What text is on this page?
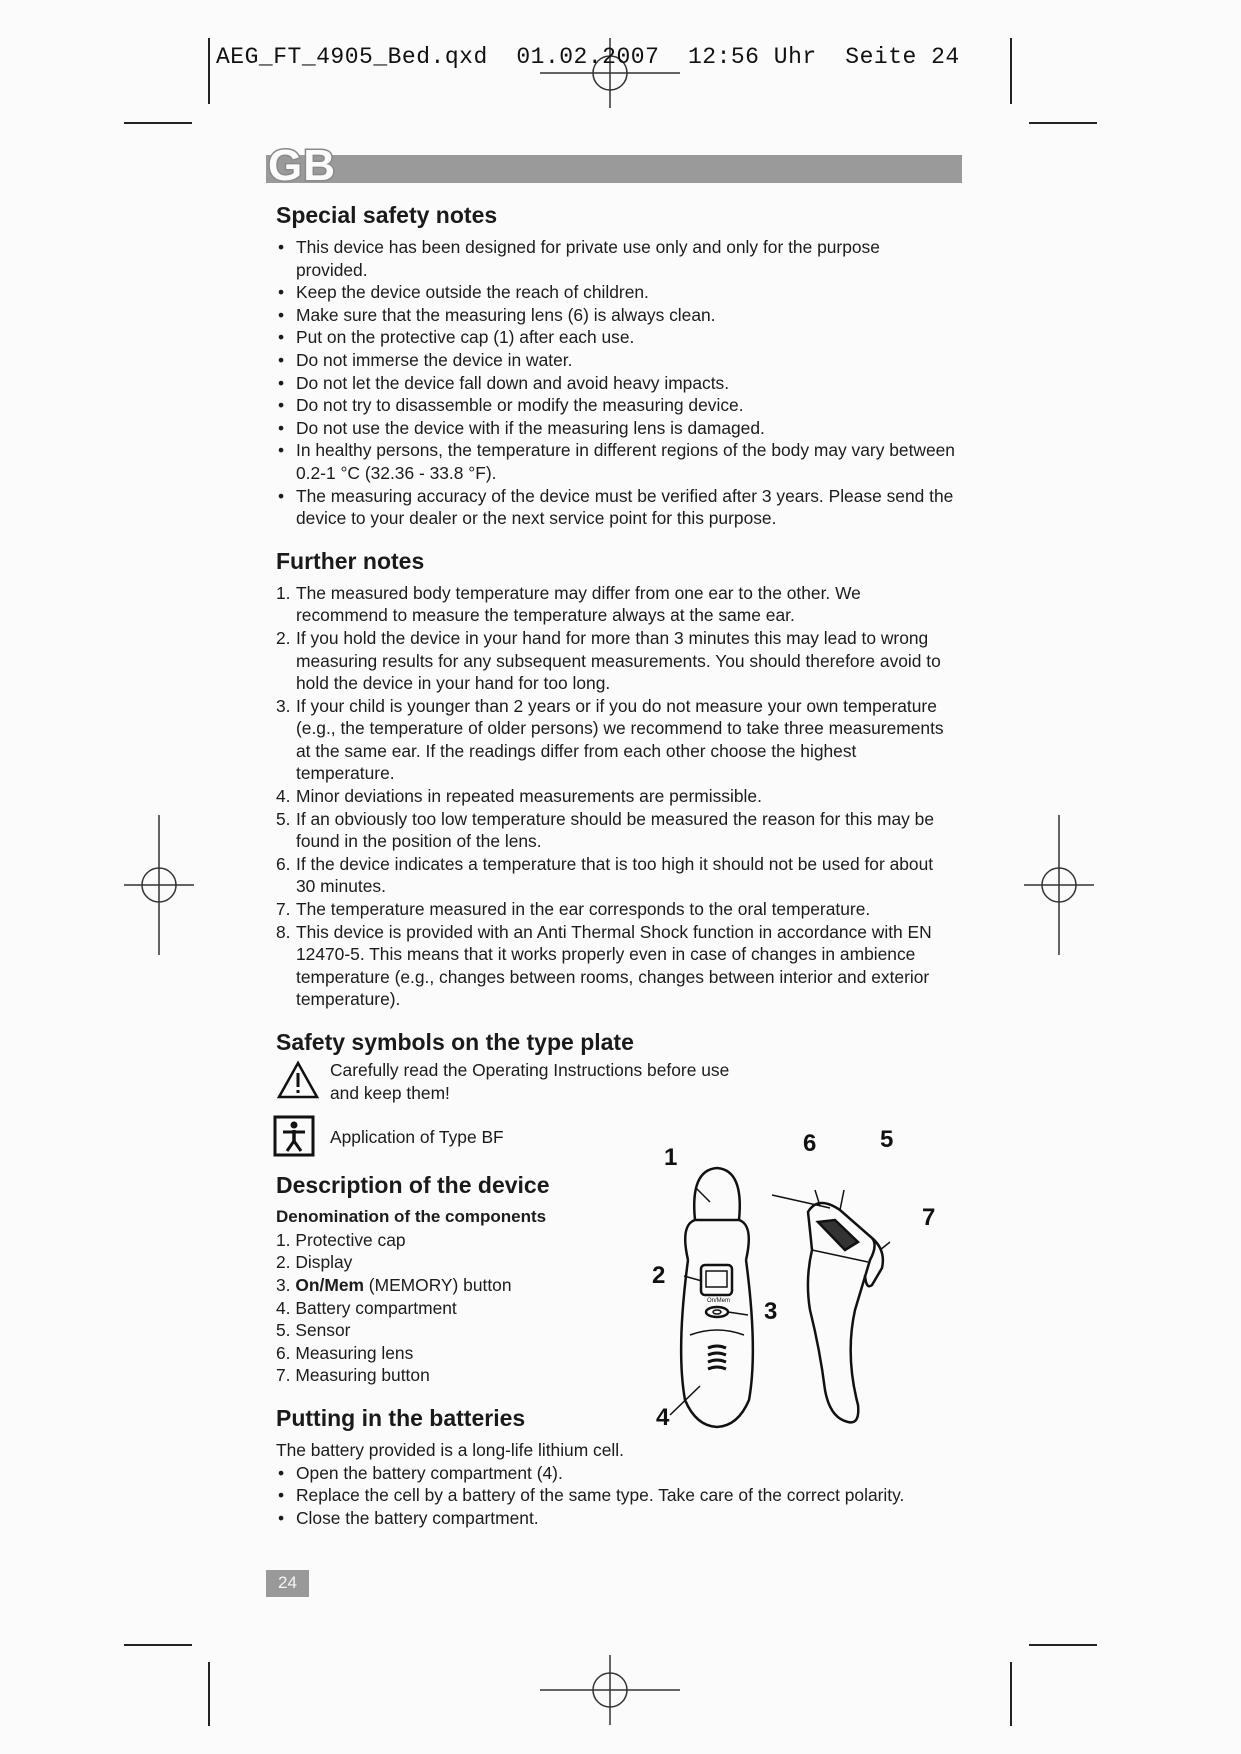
AEG_FT_4905_Bed.qxd  01.02.2007  12:56 Uhr  Seite 24
GB
Special safety notes
• This device has been designed for private use only and only for the purpose provided.
• Keep the device outside the reach of children.
• Make sure that the measuring lens (6) is always clean.
• Put on the protective cap (1) after each use.
• Do not immerse the device in water.
• Do not let the device fall down and avoid heavy impacts.
• Do not try to disassemble or modify the measuring device.
• Do not use the device with if the measuring lens is damaged.
• In healthy persons, the temperature in different regions of the body may vary between 0.2-1 °C (32.36 - 33.8 °F).
• The measuring accuracy of the device must be verified after 3 years. Please send the device to your dealer or the next service point for this purpose.
Further notes
1. The measured body temperature may differ from one ear to the other. We recommend to measure the temperature always at the same ear.
2. If you hold the device in your hand for more than 3 minutes this may lead to wrong measuring results for any subsequent measurements. You should therefore avoid to hold the device in your hand for too long.
3. If your child is younger than 2 years or if you do not measure your own temperature (e.g., the temperature of older persons) we recommend to take three measurements at the same ear. If the readings differ from each other choose the highest temperature.
4. Minor deviations in repeated measurements are permissible.
5. If an obviously too low temperature should be measured the reason for this may be found in the position of the lens.
6. If the device indicates a temperature that is too high it should not be used for about 30 minutes.
7. The temperature measured in the ear corresponds to the oral temperature.
8. This device is provided with an Anti Thermal Shock function in accordance with EN 12470-5. This means that it works properly even in case of changes in ambience temperature (e.g., changes between rooms, changes between interior and exterior temperature).
Safety symbols on the type plate
Carefully read the Operating Instructions before use and keep them!
Application of Type BF
Description of the device
Denomination of the components
1. Protective cap
2. Display
3. On/Mem (MEMORY) button
4. Battery compartment
5. Sensor
6. Measuring lens
7. Measuring button
Putting in the batteries
The battery provided is a long-life lithium cell.
• Open the battery compartment (4).
• Replace the cell by a battery of the same type. Take care of the correct polarity.
• Close the battery compartment.
1
2
3
4
5
6
7
On/Mem
24
